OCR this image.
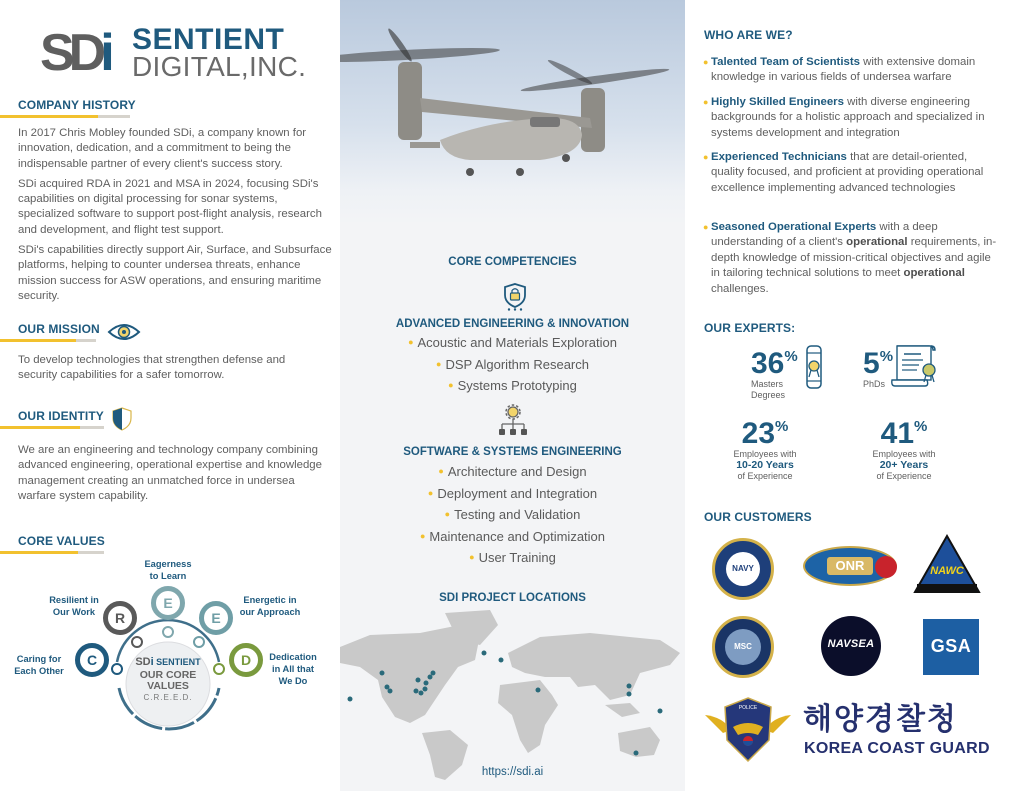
SDi SENTIENT
DIGITAL,INC.
COMPANY HISTORY

In 2017 Chris Mobley founded SDi, a company known for innovation, dedication, and a commitment to being the indispensable partner of every client's success story.

SDi acquired RDA in 2021 and MSA in 2024, focusing SDi's capabilities on digital processing for sonar systems, specialized software to support post-flight analysis, research and development, and flight test support.

SDi's capabilities directly support Air, Surface, and Subsurface platforms, helping to counter undersea threats, enhance mission success for ASW operations, and ensuring maritime security.

OUR MISSION

To develop technologies that strengthen defense and security capabilities for a safer tomorrow.

OUR IDENTITY

We are an engineering and technology company combining advanced engineering, operational expertise and knowledge management creating an unmatched force in undersea warfare system capability.

CORE VALUES
C
R
E
E
D
Caring for
Each Other
Resilient in
Our Work
Eagerness
to Learn
Energetic in
our Approach
Dedication
in All that
We Do
SDi SENTIENT
OUR CORE
VALUES
C.R.E.E.D.
CORE COMPETENCIES
ADVANCED ENGINEERING & INNOVATION
● Acoustic and Materials Exploration
● DSP Algorithm Research
● Systems Prototyping
SOFTWARE & SYSTEMS ENGINEERING
● Architecture and Design
● Deployment and Integration
● Testing and Validation
● Maintenance and Optimization
● User Training
SDI PROJECT LOCATIONS
https://sdi.ai
WHO ARE WE?
● Talented Team of Scientists with extensive domain knowledge in various fields of undersea warfare
● Highly Skilled Engineers with diverse engineering backgrounds for a holistic approach and specialized in systems development and integration
● Experienced Technicians that are detail-oriented, quality focused, and proficient at providing operational excellence implementing advanced technologies
● Seasoned Operational Experts with a deep understanding of a client's operational requirements, in-depth knowledge of mission-critical objectives and agile in tailoring technical solutions to meet operational challenges.
OUR EXPERTS:
36%
Masters
Degrees
5%
PhDs
23%
Employees with
10-20 Years
of Experience
41%
Employees with
20+ Years
of Experience
OUR CUSTOMERS
NAVY	ONR	NAWC
MSC	NAVSEA	GSA
POLICE 해양경찰청
KOREA COAST GUARD
